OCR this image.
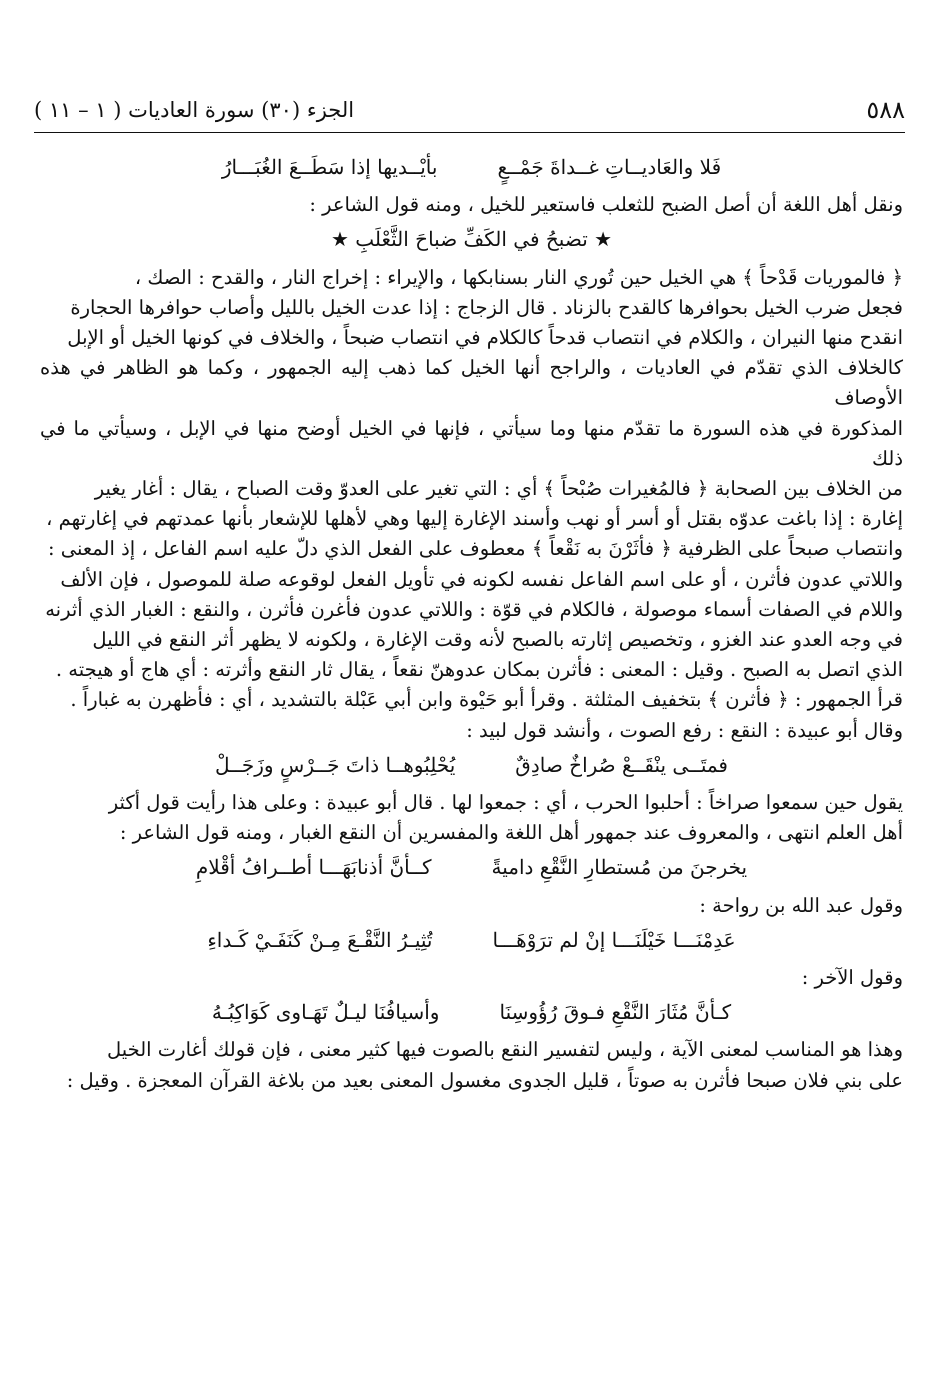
٥٨٨
الجزء (٣٠) سورة العاديات ( ١ – ١١ )
فَلا والعَاديــاتِ غــداةَ جَمْــعٍ
بأيْــديها إذا سَطَــعَ الغُبَـــارُ

ونقل أهل اللغة أن أصل الضبح للثعلب فاستعير للخيل ، ومنه قول الشاعر :

★ تضبحُ في الكَفِّ ضباحَ الثَّعْلَبِ ★

﴿ فالموريات قَدْحاً ﴾ هي الخيل حين تُوري النار بسنابكها ، والإيراء : إخراج النار ، والقدح : الصك ،
فجعل ضرب الخيل بحوافرها كالقدح بالزناد . قال الزجاج : إذا عدت الخيل بالليل وأصاب حوافرها الحجارة
انقدح منها النيران ، والكلام في انتصاب قدحاً كالكلام في انتصاب ضبحاً ، والخلاف في كونها الخيل أو الإبل
كالخلاف الذي تقدّم في العاديات ، والراجح أنها الخيل كما ذهب إليه الجمهور ، وكما هو الظاهر في هذه الأوصاف
المذكورة في هذه السورة ما تقدّم منها وما سيأتي ، فإنها في الخيل أوضح منها في الإبل ، وسيأتي ما في ذلك
من الخلاف بين الصحابة ﴿ فالمُغيرات صُبْحاً ﴾ أي : التي تغير على العدوّ وقت الصباح ، يقال : أغار يغير
إغارة : إذا باغت عدوّه بقتل أو أسر أو نهب وأسند الإغارة إليها وهي لأهلها للإشعار بأنها عمدتهم في إغارتهم ،
وانتصاب صبحاً على الظرفية ﴿ فأثَرْنَ به نَقْعاً ﴾ معطوف على الفعل الذي دلّ عليه اسم الفاعل ، إذ المعنى :
واللاتي عدون فأثرن ، أو على اسم الفاعل نفسه لكونه في تأويل الفعل لوقوعه صلة للموصول ، فإن الألف
واللام في الصفات أسماء موصولة ، فالكلام في قوّة : واللاتي عدون فأغرن فأثرن ، والنقع : الغبار الذي أثرنه
في وجه العدو عند الغزو ، وتخصيص إثارته بالصبح لأنه وقت الإغارة ، ولكونه لا يظهر أثر النقع في الليل
الذي اتصل به الصبح . وقيل : المعنى : فأثرن بمكان عدوهنّ نقعاً ، يقال ثار النقع وأثرته : أي هاج أو هيجته .
قرأ الجمهور : ﴿ فأثرن ﴾ بتخفيف المثلثة . وقرأ أبو حَيْوة وابن أبي عَبْلة بالتشديد ، أي : فأظهرن به غباراً .
وقال أبو عبيدة : النقع : رفع الصوت ، وأنشد قول لبيد :

فمتَــى ينْقَــعْ صُراخٌ صادِقٌ
يُحْلِبُوهــا ذاتَ جَــرْسٍ وزَجَــلْ

يقول حين سمعوا صراخاً : أحلبوا الحرب ، أي : جمعوا لها . قال أبو عبيدة : وعلى هذا رأيت قول أكثر
أهل العلم انتهى ، والمعروف عند جمهور أهل اللغة والمفسرين أن النقع الغبار ، ومنه قول الشاعر :

يخرجنَ من مُستطارِ النَّقْعِ داميةً
كــأنَّ أذنابَهَـــا أطــرافُ أقْلامِ

وقول عبد الله بن رواحة :

عَدِمْنَـــا خَيْلَنَـــا إنْ لم ترَوْهَـــا
تُثِيـرُ النَّقْـعَ مِـنْ كَنَفَـيْ كَـداءِ

وقول الآخر :

كـأنَّ مُثَارَ النَّقْعِ فـوقَ رُؤُوسِنَا
وأسيافُنَا ليـلٌ تَهَـاوى كَوَاكِبُـهُ

وهذا هو المناسب لمعنى الآية ، وليس لتفسير النقع بالصوت فيها كثير معنى ، فإن قولك أغارت الخيل
على بني فلان صبحا فأثرن به صوتاً ، قليل الجدوى مغسول المعنى بعيد من بلاغة القرآن المعجزة . وقيل :
